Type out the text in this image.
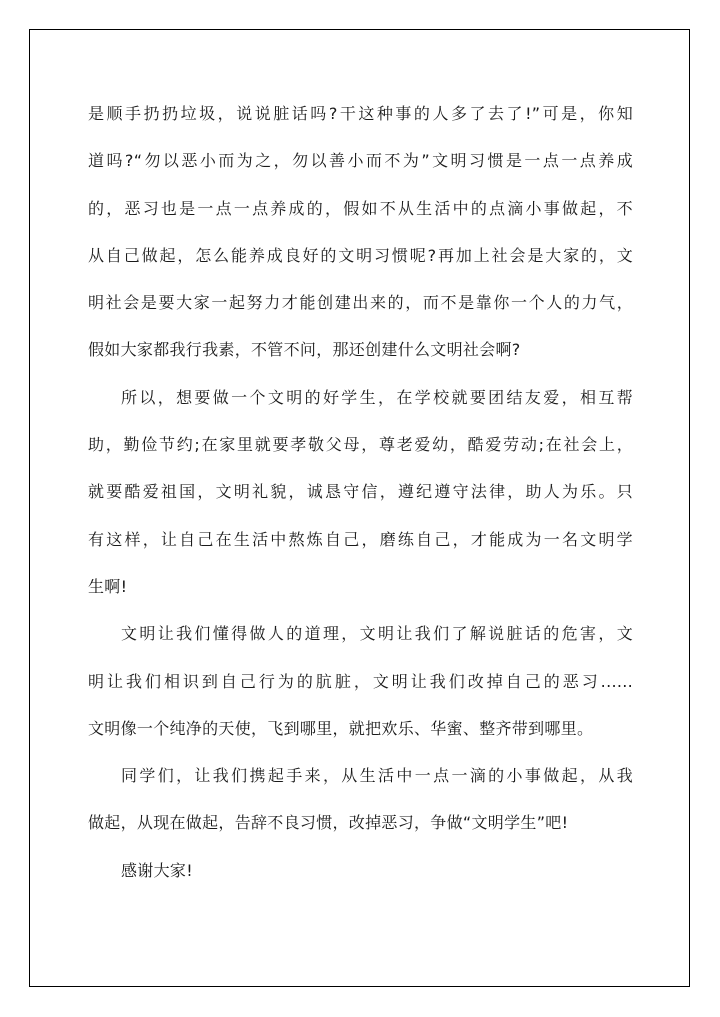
是顺手扔扔垃圾，说说脏话吗?干这种事的人多了去了!”可是，你知
道吗?“勿以恶小而为之，勿以善小而不为”文明习惯是一点一点养成
的，恶习也是一点一点养成的，假如不从生活中的点滴小事做起，不
从自己做起，怎么能养成良好的文明习惯呢?再加上社会是大家的，文
明社会是要大家一起努力才能创建出来的，而不是靠你一个人的力气，
假如大家都我行我素，不管不问，那还创建什么文明社会啊?
所以，想要做一个文明的好学生，在学校就要团结友爱，相互帮
助，勤俭节约;在家里就要孝敬父母，尊老爱幼，酷爱劳动;在社会上，
就要酷爱祖国，文明礼貌，诚恳守信，遵纪遵守法律，助人为乐。只
有这样，让自己在生活中熬炼自己，磨练自己，才能成为一名文明学
生啊!
文明让我们懂得做人的道理，文明让我们了解说脏话的危害，文
明让我们相识到自己行为的肮脏，文明让我们改掉自己的恶习......
文明像一个纯净的天使，飞到哪里，就把欢乐、华蜜、整齐带到哪里。
同学们，让我们携起手来，从生活中一点一滴的小事做起，从我
做起，从现在做起，告辞不良习惯，改掉恶习，争做“文明学生”吧!
感谢大家!
